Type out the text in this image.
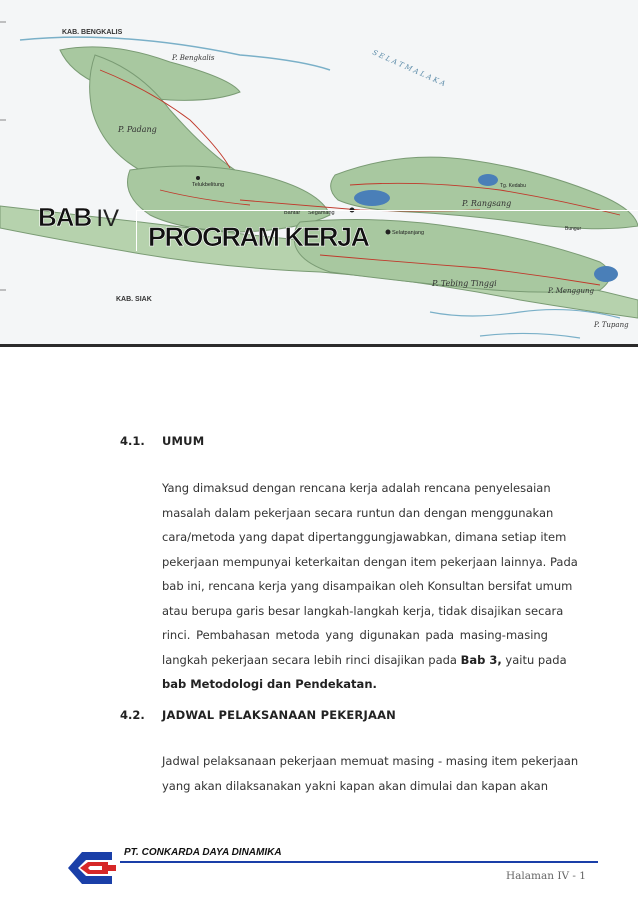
KAB. BENGKALIS
KAB. SIAK
P. Bengkalis
P. Padang
P. Rangsang
P. Tebing Tinggi
P. Menggung
P. Tupang
S E L A T M A L A K A
Telukbelitung
Bantar Segamang
Selatpanjang
Tg. Kedabu
Bungur
BAB IV
PROGRAM KERJA
4.1. UMUM
Yang dimaksud dengan rencana kerja adalah rencana penyelesaian
masalah dalam pekerjaan secara runtun dan dengan menggunakan
cara/metoda yang dapat dipertanggungjawabkan, dimana setiap item
pekerjaan mempunyai keterkaitan dengan item pekerjaan lainnya. Pada
bab ini, rencana kerja yang disampaikan oleh Konsultan bersifat umum
atau berupa garis besar langkah-langkah kerja, tidak disajikan secara
rinci. Pembahasan metoda yang digunakan pada masing-masing
langkah pekerjaan secara lebih rinci disajikan pada Bab 3, yaitu pada
bab Metodologi dan Pendekatan.
4.2. JADWAL PELAKSANAAN PEKERJAAN
Jadwal pelaksanaan pekerjaan memuat masing - masing item pekerjaan
yang akan dilaksanakan yakni kapan akan dimulai dan kapan akan
PT. CONKARDA DAYA DINAMIKA
Halaman IV - 1
